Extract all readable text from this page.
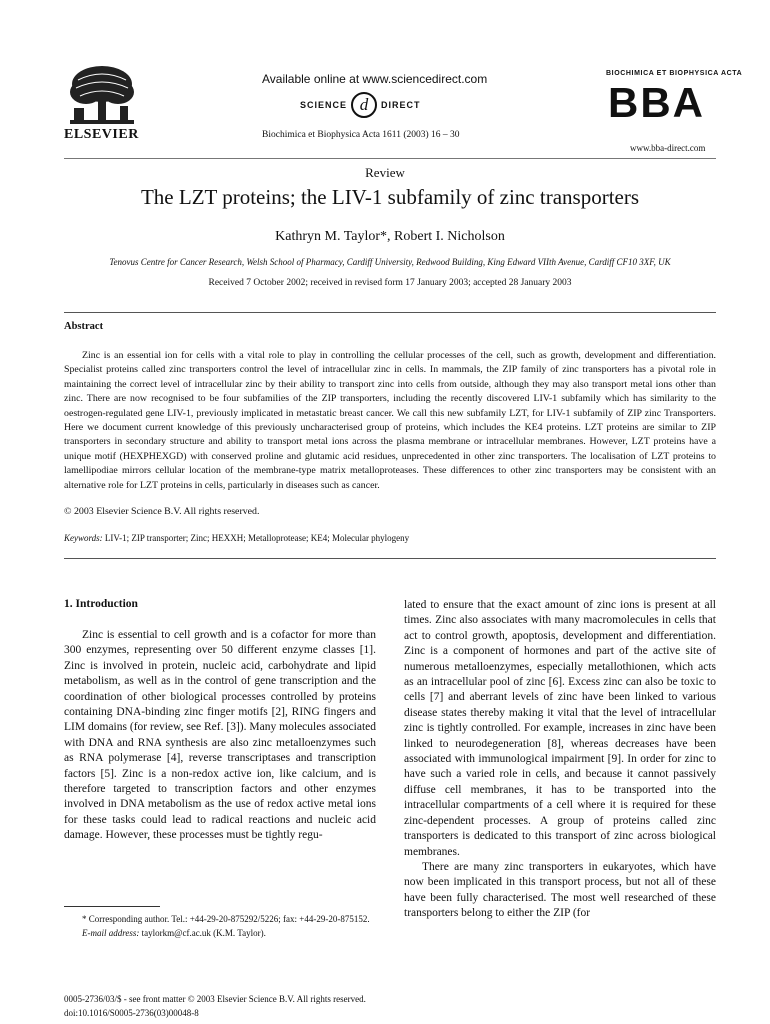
ELSEVIER
Available online at www.sciencedirect.com
SCIENCE d	DIRECT
Biochimica et Biophysica Acta 1611 (2003) 16 – 30
BIOCHIMICA ET BIOPHYSICA ACTA
BBA
www.bba-direct.com
Review
The LZT proteins; the LIV-1 subfamily of zinc transporters
Kathryn M. Taylor*, Robert I. Nicholson
Tenovus Centre for Cancer Research, Welsh School of Pharmacy, Cardiff University, Redwood Building, King Edward VIIth Avenue, Cardiff CF10 3XF, UK
Received 7 October 2002; received in revised form 17 January 2003; accepted 28 January 2003
Abstract
Zinc is an essential ion for cells with a vital role to play in controlling the cellular processes of the cell, such as growth, development and differentiation. Specialist proteins called zinc transporters control the level of intracellular zinc in cells. In mammals, the ZIP family of zinc transporters has a pivotal role in maintaining the correct level of intracellular zinc by their ability to transport zinc into cells from outside, although they may also transport metal ions other than zinc. There are now recognised to be four subfamilies of the ZIP transporters, including the recently discovered LIV-1 subfamily which has similarity to the oestrogen-regulated gene LIV-1, previously implicated in metastatic breast cancer. We call this new subfamily LZT, for LIV-1 subfamily of ZIP zinc Transporters. Here we document current knowledge of this previously uncharacterised group of proteins, which includes the KE4 proteins. LZT proteins are similar to ZIP transporters in secondary structure and ability to transport metal ions across the plasma membrane or intracellular membranes. However, LZT proteins have a unique motif (HEXPHEXGD) with conserved proline and glutamic acid residues, unprecedented in other zinc transporters. The localisation of LZT proteins to lamellipodiae mirrors cellular location of the membrane-type matrix metalloproteases. These differences to other zinc transporters may be consistent with an alternative role for LZT proteins in cells, particularly in diseases such as cancer.
© 2003 Elsevier Science B.V. All rights reserved.
Keywords: LIV-1; ZIP transporter; Zinc; HEXXH; Metalloprotease; KE4; Molecular phylogeny
1. Introduction
Zinc is essential to cell growth and is a cofactor for more than 300 enzymes, representing over 50 different enzyme classes [1]. Zinc is involved in protein, nucleic acid, carbohydrate and lipid metabolism, as well as in the control of gene transcription and the coordination of other biological processes controlled by proteins containing DNA-binding zinc finger motifs [2], RING fingers and LIM domains (for review, see Ref. [3]). Many molecules associated with DNA and RNA synthesis are also zinc metalloenzymes such as RNA polymerase [4], reverse transcriptases and transcription factors [5]. Zinc is a non-redox active ion, like calcium, and is therefore targeted to transcription factors and other enzymes involved in DNA metabolism as the use of redox active metal ions for these tasks could lead to radical reactions and nucleic acid damage. However, these processes must be tightly regu-
lated to ensure that the exact amount of zinc ions is present at all times. Zinc also associates with many macromolecules in cells that act to control growth, apoptosis, development and differentiation. Zinc is a component of hormones and part of the active site of numerous metalloenzymes, especially metallothionen, which acts as an intracellular pool of zinc [6]. Excess zinc can also be toxic to cells [7] and aberrant levels of zinc have been linked to various disease states thereby making it vital that the level of intracellular zinc is tightly controlled. For example, increases in zinc have been linked to neurodegeneration [8], whereas decreases have been associated with immunological impairment [9]. In order for zinc to have such a varied role in cells, and because it cannot passively diffuse cell membranes, it has to be transported into the intracellular compartments of a cell where it is required for these zinc-dependent processes. A group of proteins called zinc transporters is dedicated to this transport of zinc across biological membranes.
There are many zinc transporters in eukaryotes, which have now been implicated in this transport process, but not all of these have been fully characterised. The most well researched of these transporters belong to either the ZIP (for
* Corresponding author. Tel.: +44-29-20-875292/5226; fax: +44-29-20-875152.
E-mail address: taylorkm@cf.ac.uk (K.M. Taylor).
0005-2736/03/$ - see front matter © 2003 Elsevier Science B.V. All rights reserved.
doi:10.1016/S0005-2736(03)00048-8
